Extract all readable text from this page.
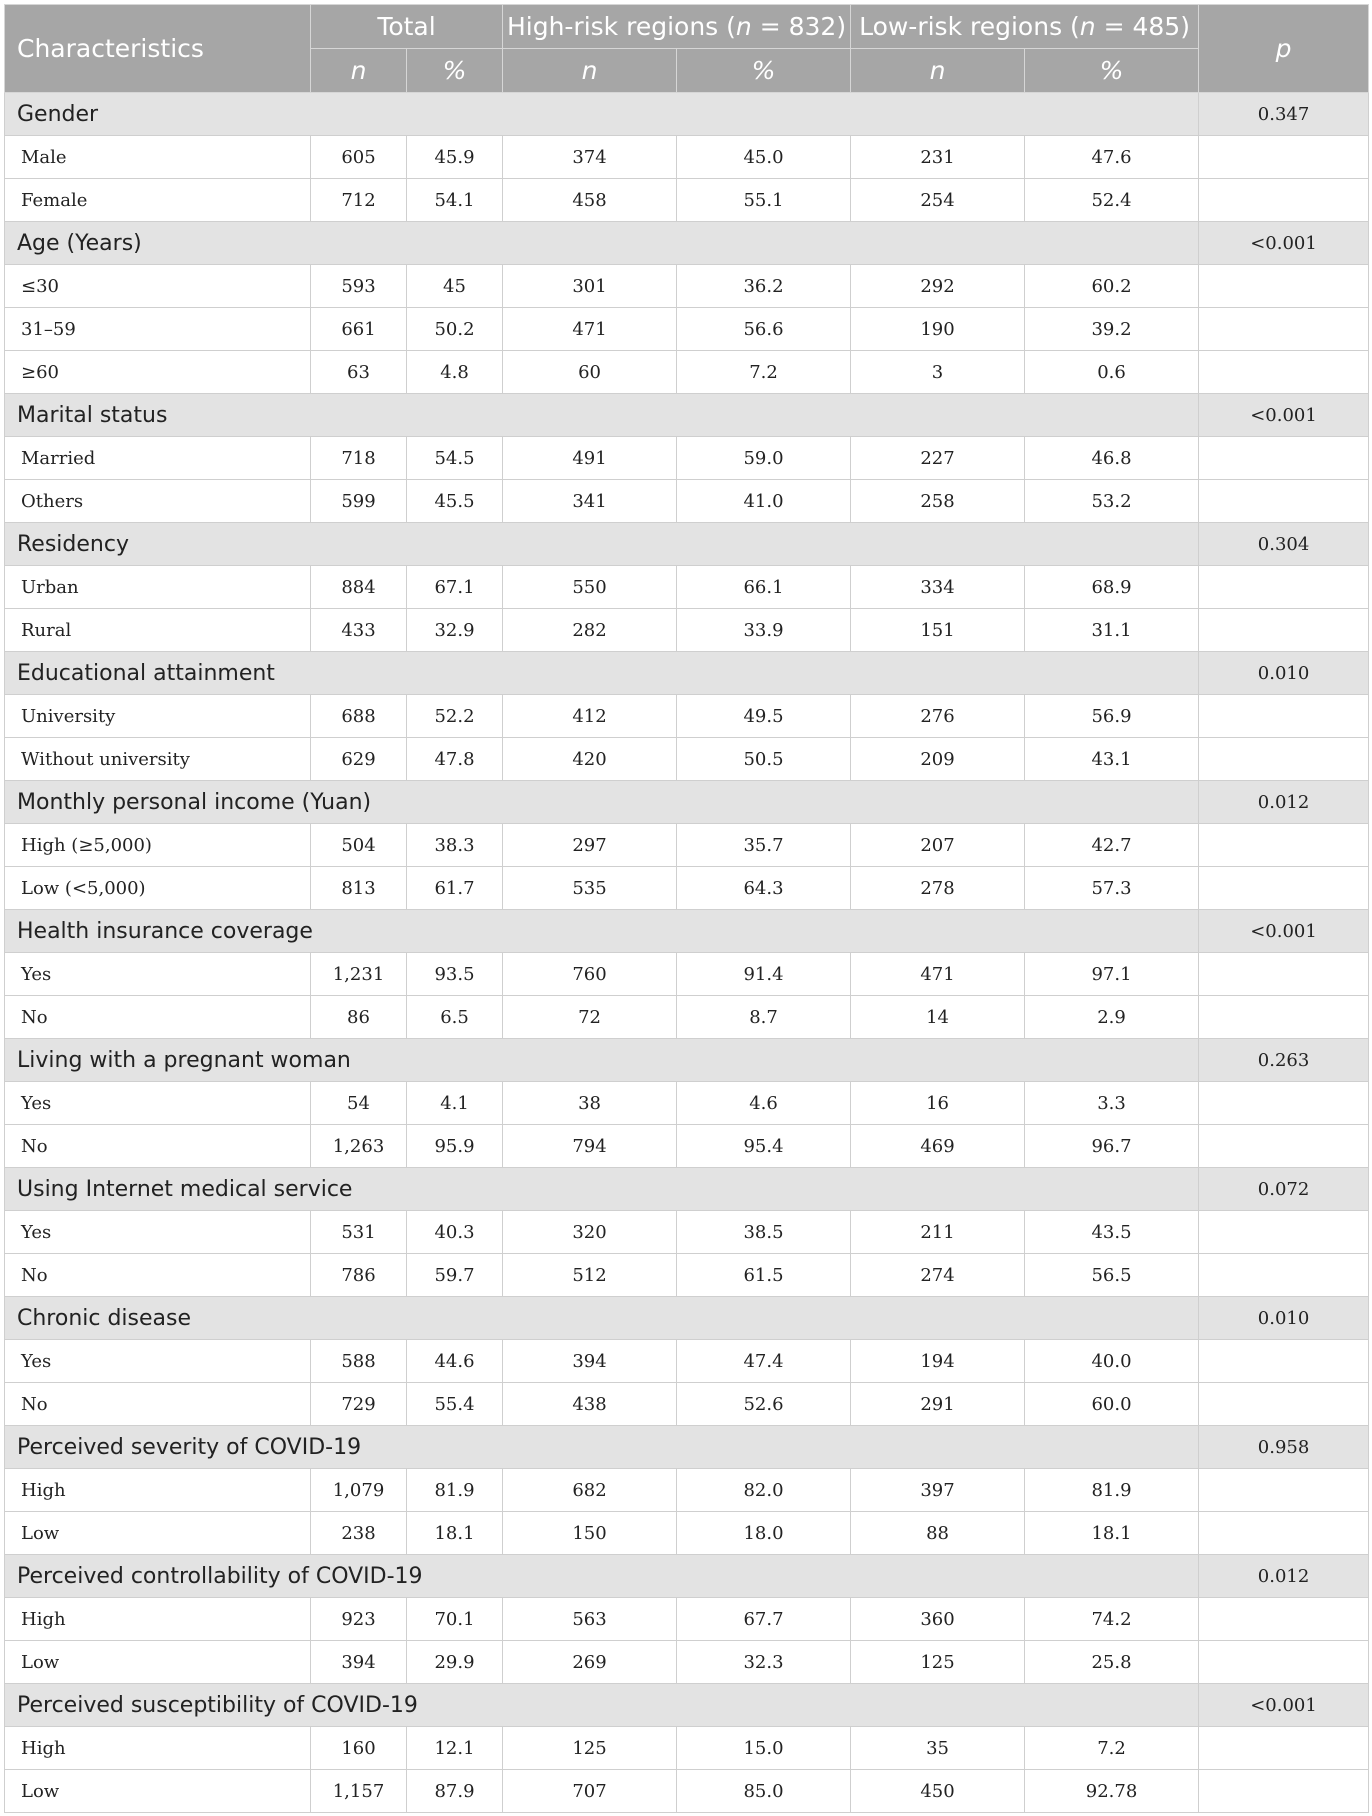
Characteristics	Total		High-risk regions (n = 832)		Low-risk regions (n = 485)		p
	n	%	n	%	n	%	
Gender							0.347
Male	605	45.9	374	45.0	231	47.6	
Female	712	54.1	458	55.1	254	52.4	
Age (Years)							<0.001
≤30	593	45	301	36.2	292	60.2	
31–59	661	50.2	471	56.6	190	39.2	
≥60	63	4.8	60	7.2	3	0.6	
Marital status							<0.001
Married	718	54.5	491	59.0	227	46.8	
Others	599	45.5	341	41.0	258	53.2	
Residency							0.304
Urban	884	67.1	550	66.1	334	68.9	
Rural	433	32.9	282	33.9	151	31.1	
Educational attainment							0.010
University	688	52.2	412	49.5	276	56.9	
Without university	629	47.8	420	50.5	209	43.1	
Monthly personal income (Yuan)							0.012
High (≥5,000)	504	38.3	297	35.7	207	42.7	
Low (<5,000)	813	61.7	535	64.3	278	57.3	
Health insurance coverage							<0.001
Yes	1,231	93.5	760	91.4	471	97.1	
No	86	6.5	72	8.7	14	2.9	
Living with a pregnant woman							0.263
Yes	54	4.1	38	4.6	16	3.3	
No	1,263	95.9	794	95.4	469	96.7	
Using Internet medical service							0.072
Yes	531	40.3	320	38.5	211	43.5	
No	786	59.7	512	61.5	274	56.5	
Chronic disease							0.010
Yes	588	44.6	394	47.4	194	40.0	
No	729	55.4	438	52.6	291	60.0	
Perceived severity of COVID-19							0.958
High	1,079	81.9	682	82.0	397	81.9	
Low	238	18.1	150	18.0	88	18.1	
Perceived controllability of COVID-19							0.012
High	923	70.1	563	67.7	360	74.2	
Low	394	29.9	269	32.3	125	25.8	
Perceived susceptibility of COVID-19							<0.001
High	160	12.1	125	15.0	35	7.2	
Low	1,157	87.9	707	85.0	450	92.78	
